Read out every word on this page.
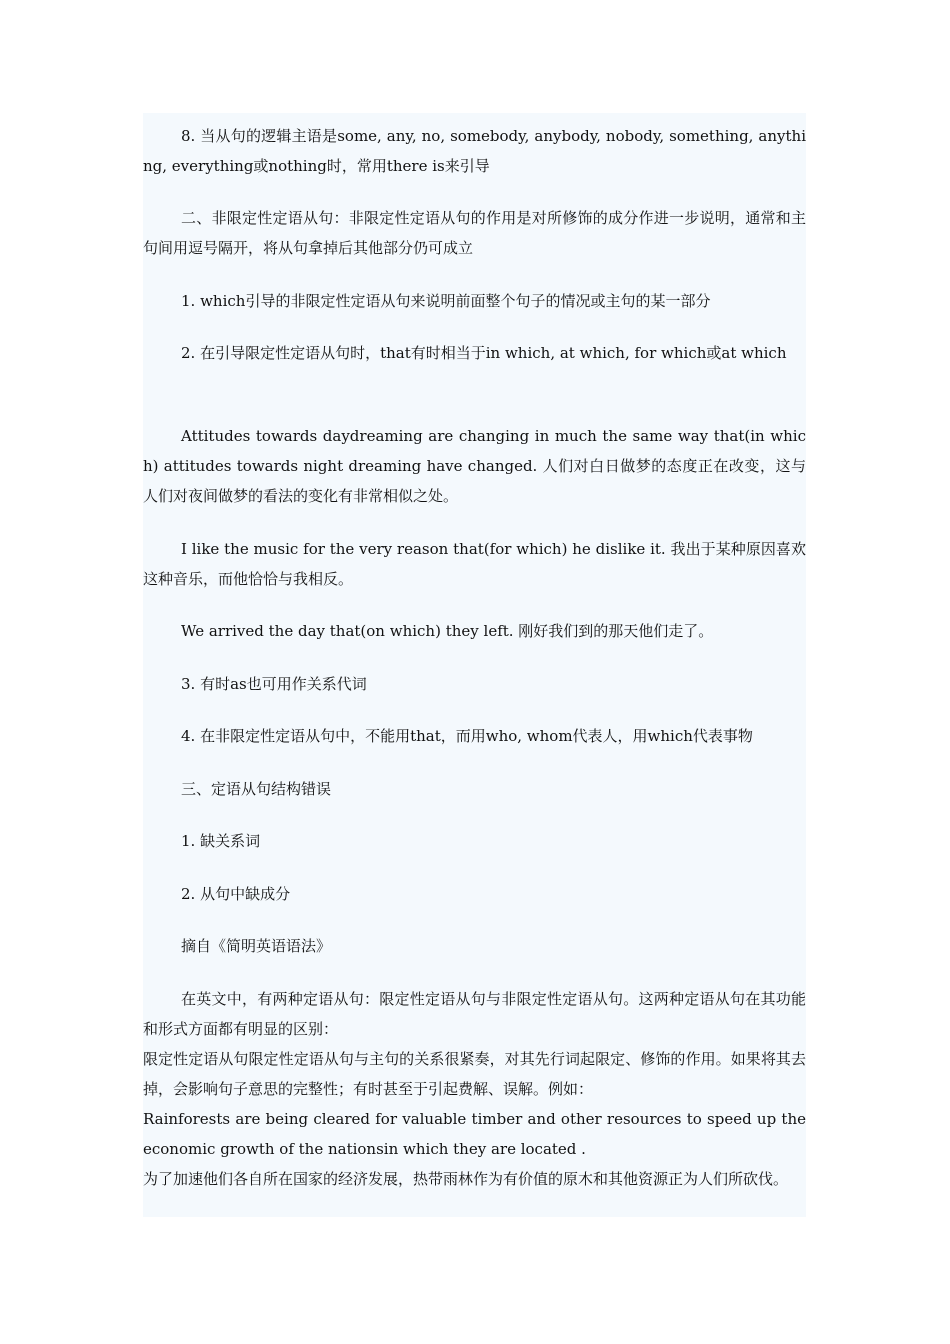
8. 当从句的逻辑主语是some, any, no, somebody, anybody, nobody, something, anything, everything或nothing时，常用there is来引导

二、非限定性定语从句：非限定性定语从句的作用是对所修饰的成分作进一步说明，通常和主句间用逗号隔开，将从句拿掉后其他部分仍可成立

1. which引导的非限定性定语从句来说明前面整个句子的情况或主句的某一部分

2. 在引导限定性定语从句时，that有时相当于in which, at which, for which或at which

Attitudes towards daydreaming are changing in much the same way that(in which) attitudes towards night dreaming have changed. 人们对白日做梦的态度正在改变，这与人们对夜间做梦的看法的变化有非常相似之处。

I like the music for the very reason that(for which) he dislike it. 我出于某种原因喜欢这种音乐，而他恰恰与我相反。

We arrived the day that(on which) they left. 刚好我们到的那天他们走了。

3. 有时as也可用作关系代词

4. 在非限定性定语从句中，不能用that，而用who, whom代表人，用which代表事物

三、定语从句结构错误

1. 缺关系词

2. 从句中缺成分

摘自《简明英语语法》

在英文中，有两种定语从句：限定性定语从句与非限定性定语从句。这两种定语从句在其功能和形式方面都有明显的区别：

限定性定语从句限定性定语从句与主句的关系很紧奏，对其先行词起限定、修饰的作用。如果将其去掉，会影响句子意思的完整性；有时甚至于引起费解、误解。例如：

Rainforests are being cleared for valuable timber and other resources to speed up the economic growth of the nationsin which they are located .

为了加速他们各自所在国家的经济发展，热带雨林作为有价值的原木和其他资源正为人们所砍伐。
